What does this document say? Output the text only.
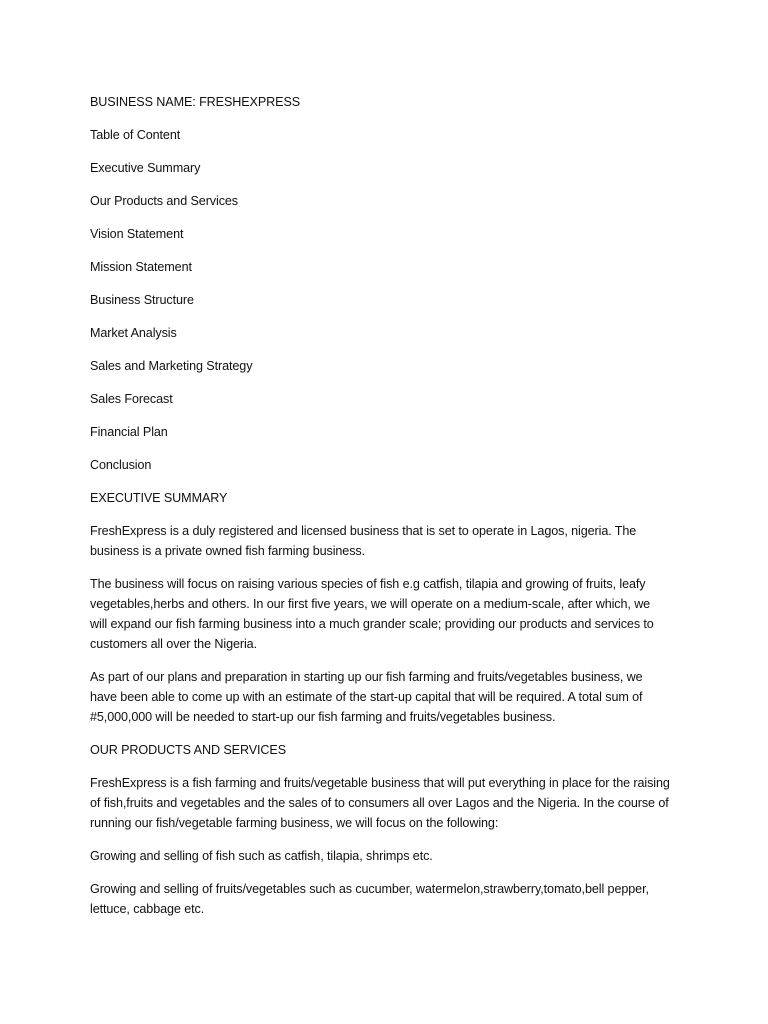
BUSINESS NAME: FRESHEXPRESS

Table of Content

Executive Summary

Our Products and Services

Vision Statement

Mission Statement

Business Structure

Market Analysis

Sales and Marketing Strategy

Sales Forecast

Financial Plan

Conclusion

EXECUTIVE SUMMARY

FreshExpress is a duly registered and licensed business that is set to operate in Lagos, nigeria. The business is a private owned fish farming business.

The business will focus on raising various species of fish e.g catfish, tilapia and growing of fruits, leafy vegetables,herbs and others. In our first five years, we will operate on a medium-scale, after which, we will expand our fish farming business into a much grander scale; providing our products and services to customers all over the Nigeria.

As part of our plans and preparation in starting up our fish farming and fruits/vegetables business, we have been able to come up with an estimate of the start-up capital that will be required. A total sum of #5,000,000 will be needed to start-up our fish farming and fruits/vegetables business.

OUR PRODUCTS AND SERVICES

FreshExpress is a fish farming and fruits/vegetable business that will put everything in place for the raising of fish,fruits and vegetables and the sales of to consumers all over Lagos and the Nigeria. In the course of running our fish/vegetable farming business, we will focus on the following:

Growing and selling of fish such as catfish, tilapia, shrimps etc.

Growing and selling of fruits/vegetables such as cucumber, watermelon,strawberry,tomato,bell pepper, lettuce, cabbage etc.
